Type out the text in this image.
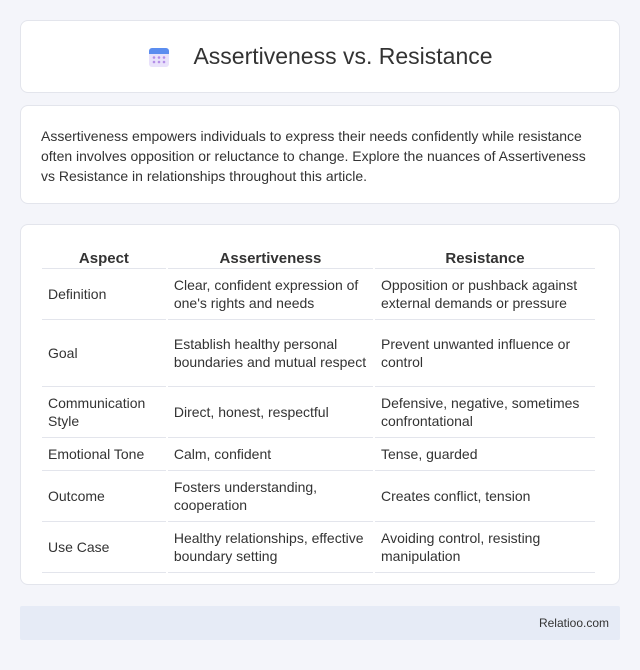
Assertiveness vs. Resistance

Assertiveness empowers individuals to express their needs confidently while resistance often involves opposition or reluctance to change. Explore the nuances of Assertiveness vs Resistance in relationships throughout this article.

Aspect	Assertiveness	Resistance
Definition	Clear, confident expression of one's rights and needs	Opposition or pushback against external demands or pressure
Goal	Establish healthy personal boundaries and mutual respect	Prevent unwanted influence or control
Communication Style	Direct, honest, respectful	Defensive, negative, sometimes confrontational
Emotional Tone	Calm, confident	Tense, guarded
Outcome	Fosters understanding, cooperation	Creates conflict, tension
Use Case	Healthy relationships, effective boundary setting	Avoiding control, resisting manipulation
Relatioo.com
